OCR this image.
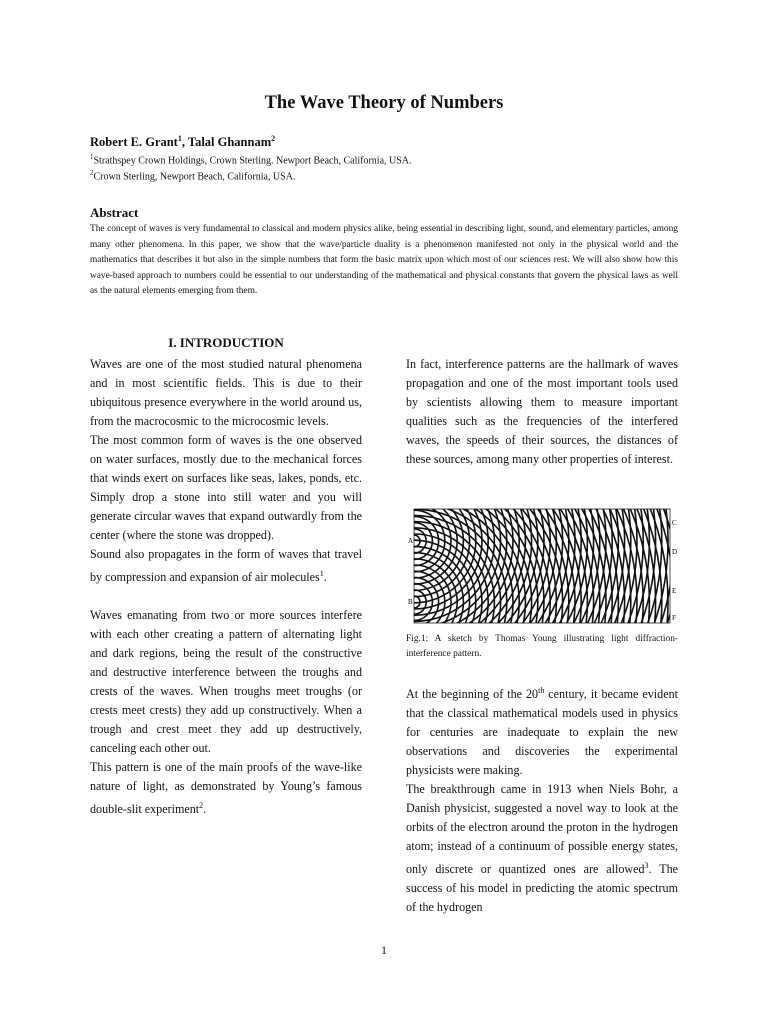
The Wave Theory of Numbers
Robert E. Grant$^1$, Talal Ghannam$^2$
$^1$Strathspey Crown Holdings, Crown Sterling. Newport Beach, California, USA.
$^2$Crown Sterling, Newport Beach, California, USA.
Abstract
The concept of waves is very fundamental to classical and modern physics alike, being essential in describing light, sound, and elementary particles, among many other phenomena. In this paper, we show that the wave/particle duality is a phenomenon manifested not only in the physical world and the mathematics that describes it but also in the simple numbers that form the basic matrix upon which most of our sciences rest. We will also show how this wave-based approach to numbers could be essential to our understanding of the mathematical and physical constants that govern the physical laws as well as the natural elements emerging from them.
I. INTRODUCTION

Waves are one of the most studied natural phenomena and in most scientific fields. This is due to their ubiquitous presence everywhere in the world around us, from the macrocosmic to the microcosmic levels.

The most common form of waves is the one observed on water surfaces, mostly due to the mechanical forces that winds exert on surfaces like seas, lakes, ponds, etc. Simply drop a stone into still water and you will generate circular waves that expand outwardly from the center (where the stone was dropped).

Sound also propagates in the form of waves that travel by compression and expansion of air molecules$^1$.

Waves emanating from two or more sources interfere with each other creating a pattern of alternating light and dark regions, being the result of the constructive and destructive interference between the troughs and crests of the waves. When troughs meet troughs (or crests meet crests) they add up constructively. When a trough and crest meet they add up destructively, canceling each other out.

This pattern is one of the main proofs of the wave-like nature of light, as demonstrated by Young’s famous double-slit experiment$^2$.

In fact, interference patterns are the hallmark of waves propagation and one of the most important tools used by scientists allowing them to measure important qualities such as the frequencies of the interfered waves, the speeds of their sources, the distances of these sources, among many other properties of interest.

A
B
C
D
E
F
Fig.1: A sketch by Thomas Young illustrating light diffraction-interference pattern.

At the beginning of the 20th century, it became evident that the classical mathematical models used in physics for centuries are inadequate to explain the new observations and discoveries the experimental physicists were making.

The breakthrough came in 1913 when Niels Bohr, a Danish physicist, suggested a novel way to look at the orbits of the electron around the proton in the hydrogen atom; instead of a continuum of possible energy states, only discrete or quantized ones are allowed$^3$. The success of his model in predicting the atomic spectrum of the hydrogen

1
